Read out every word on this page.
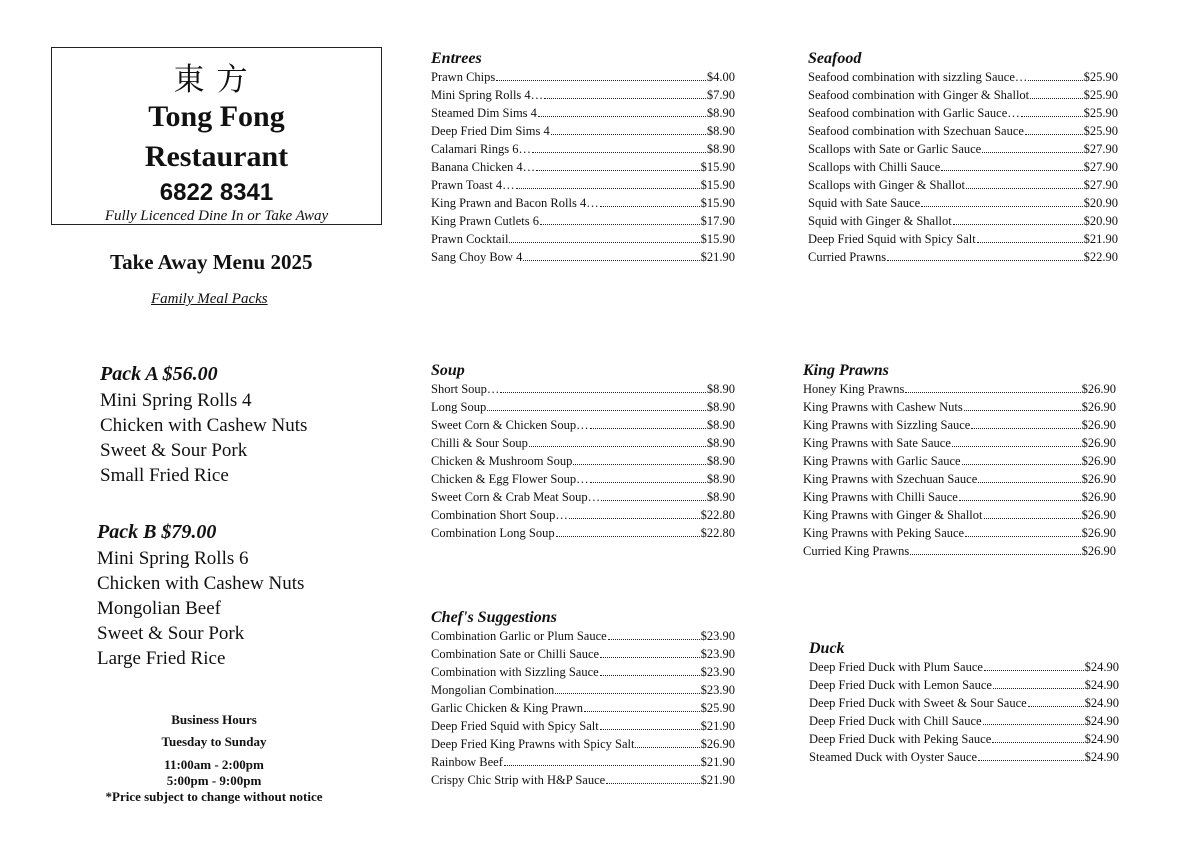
東方
Tong Fong
Restaurant
6822 8341
Fully Licenced Dine In or Take Away
Take Away Menu 2025
Family Meal Packs
Pack A $56.00
Mini Spring Rolls 4
Chicken with Cashew Nuts
Sweet & Sour Pork
Small Fried Rice
Pack B $79.00
Mini Spring Rolls 6
Chicken with Cashew Nuts
Mongolian Beef
Sweet & Sour Pork
Large Fried Rice
Business Hours
Tuesday to Sunday
11:00am - 2:00pm
5:00pm - 9:00pm
*Price subject to change without notice
Entrees
Prawn Chips	$4.00
Mini Spring Rolls 4…	$7.90
Steamed Dim Sims 4	$8.90
Deep Fried Dim Sims 4	$8.90
Calamari Rings 6…	$8.90
Banana Chicken 4…	$15.90
Prawn Toast 4…	$15.90
King Prawn and Bacon Rolls 4…	$15.90
King Prawn Cutlets 6	$17.90
Prawn Cocktail	$15.90
Sang Choy Bow 4	$21.90
Soup
Short Soup…	$8.90
Long Soup	$8.90
Sweet Corn & Chicken Soup…	$8.90
Chilli & Sour Soup	$8.90
Chicken & Mushroom Soup	$8.90
Chicken & Egg Flower Soup…	$8.90
Sweet Corn & Crab Meat Soup…	$8.90
Combination Short Soup…	$22.80
Combination Long Soup	$22.80
Chef's Suggestions
Combination Garlic or Plum Sauce	$23.90
Combination Sate or Chilli Sauce	$23.90
Combination with Sizzling Sauce	$23.90
Mongolian Combination	$23.90
Garlic Chicken & King Prawn	$25.90
Deep Fried Squid with Spicy Salt	$21.90
Deep Fried King Prawns with Spicy Salt	$26.90
Rainbow Beef	$21.90
Crispy Chic Strip with H&P Sauce	$21.90
Seafood
Seafood combination with sizzling Sauce…	$25.90
Seafood combination with Ginger & Shallot	$25.90
Seafood combination with Garlic Sauce…	$25.90
Seafood combination with Szechuan Sauce	$25.90
Scallops with Sate or Garlic Sauce	$27.90
Scallops with Chilli Sauce	$27.90
Scallops with Ginger & Shallot	$27.90
Squid with Sate Sauce	$20.90
Squid with Ginger & Shallot	$20.90
Deep Fried Squid with Spicy Salt	$21.90
Curried Prawns	$22.90
King Prawns
Honey King Prawns	$26.90
King Prawns with Cashew Nuts	$26.90
King Prawns with Sizzling Sauce	$26.90
King Prawns with Sate Sauce	$26.90
King Prawns with Garlic Sauce	$26.90
King Prawns with Szechuan Sauce	$26.90
King Prawns with Chilli Sauce	$26.90
King Prawns with Ginger & Shallot	$26.90
King Prawns with Peking Sauce	$26.90
Curried King Prawns	$26.90
Duck
Deep Fried Duck with Plum Sauce	$24.90
Deep Fried Duck with Lemon Sauce	$24.90
Deep Fried Duck with Sweet & Sour Sauce	$24.90
Deep Fried Duck with Chill Sauce	$24.90
Deep Fried Duck with Peking Sauce	$24.90
Steamed Duck with Oyster Sauce	$24.90
